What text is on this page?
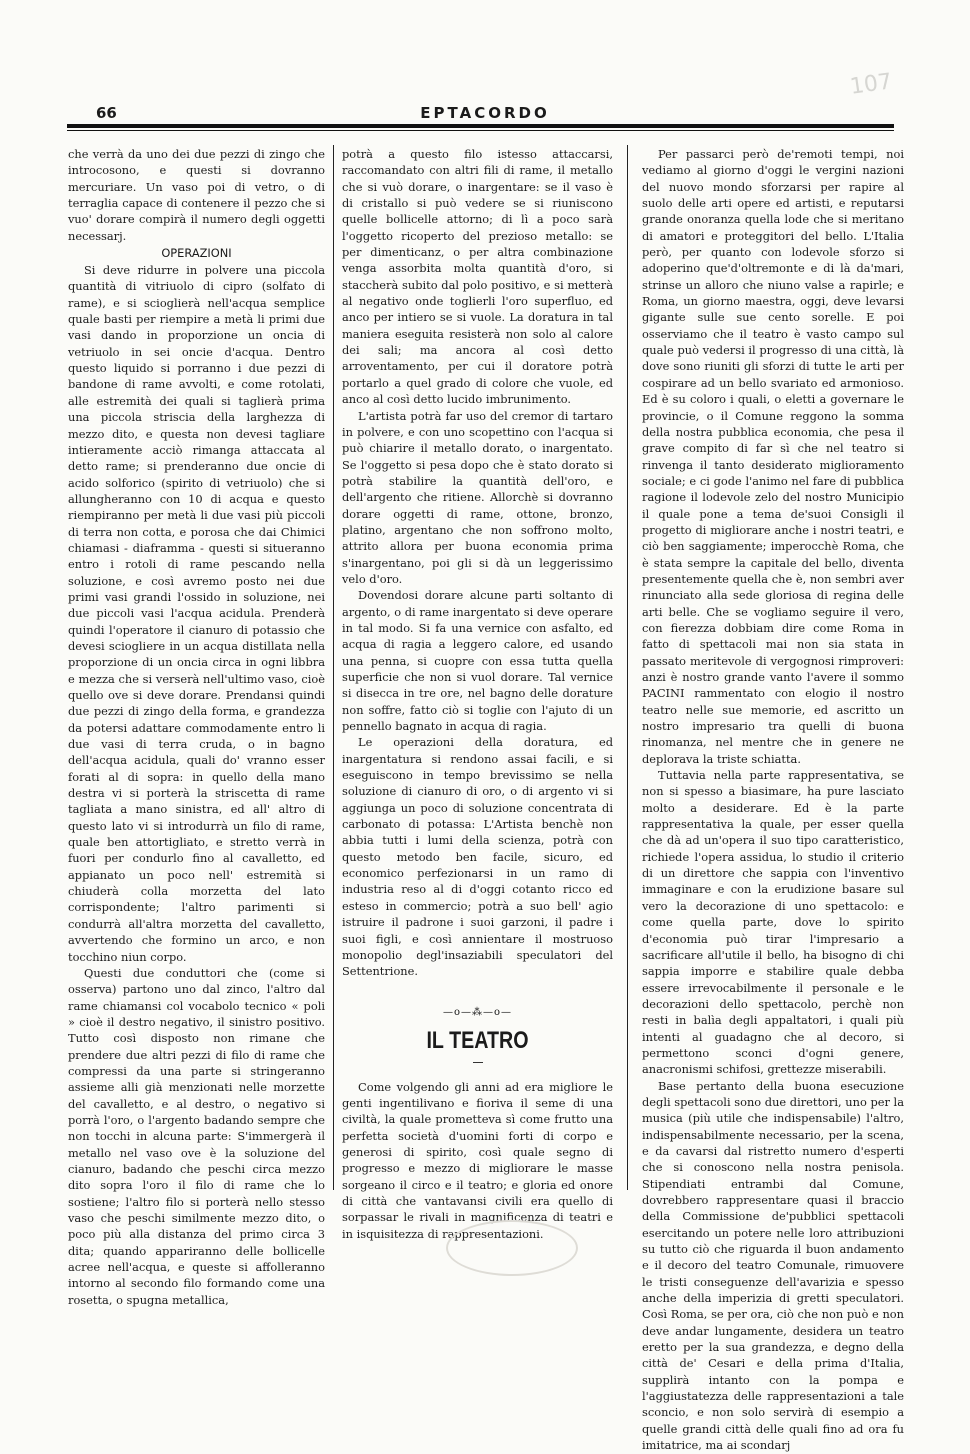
107
66	EPTACORDO

che verrà da uno dei due pezzi di zingo che introcosono, e questi si dovranno mercuriare. Un vaso poi di vetro, o di terraglia capace di contenere il pezzo che si vuo' dorare compirà il numero degli oggetti necessarj.

OPERAZIONI

Si deve ridurre in polvere una piccola quantità di vitriuolo di cipro (solfato di rame), e si scioglierà nell'acqua semplice quale basti per riempire a metà li primi due vasi dando in proporzione un oncia di vetriuolo in sei oncie d'acqua. Dentro questo liquido si porranno i due pezzi di bandone di rame avvolti, e come rotolati, alle estremità dei quali si taglierà prima una piccola striscia della larghezza di mezzo dito, e questa non devesi tagliare intieramente acciò rimanga attaccata al detto rame; si prenderanno due oncie di acido solforico (spirito di vetriuolo) che si allungheranno con 10 di acqua e questo riempiranno per metà li due vasi più piccoli di terra non cotta, e porosa che dai Chimici chiamasi - diaframma - questi si situeranno entro i rotoli di rame pescando nella soluzione, e così avremo posto nei due primi vasi grandi l'ossido in soluzione, nei due piccoli vasi l'acqua acidula. Prenderà quindi l'operatore il cianuro di potassio che devesi sciogliere in un acqua distillata nella proporzione di un oncia circa in ogni libbra e mezza che si verserà nell'ultimo vaso, cioè quello ove si deve dorare. Prendansi quindi due pezzi di zingo della forma, e grandezza da potersi adattare commodamente entro li due vasi di terra cruda, o in bagno dell'acqua acidula, quali do' vranno esser forati al di sopra: in quello della mano destra vi si porterà la striscetta di rame tagliata a mano sinistra, ed all' altro di questo lato vi si introdurrà un filo di rame, quale ben attortigliato, e stretto verrà in fuori per condurlo fino al cavalletto, ed appianato un poco nell' estremità si chiuderà colla morzetta del lato corrispondente; l'altro parimenti si condurrà all'altra morzetta del cavalletto, avvertendo che formino un arco, e non tocchino niun corpo.

Questi due conduttori che (come si osserva) partono uno dal zinco, l'altro dal rame chiamansi col vocabolo tecnico « poli » cioè il destro negativo, il sinistro positivo. Tutto così disposto non rimane che prendere due altri pezzi di filo di rame che compressi da una parte si stringeranno assieme alli già menzionati nelle morzette del cavalletto, e al destro, o negativo si porrà l'oro, o l'argento badando sempre che non tocchi in alcuna parte: S'immergerà il metallo nel vaso ove è la soluzione del cianuro, badando che peschi circa mezzo dito sopra l'oro il filo di rame che lo sostiene; l'altro filo si porterà nello stesso vaso che peschi similmente mezzo dito, o poco più alla distanza del primo circa 3 dita; quando appariranno delle bollicelle acree nell'acqua, e queste si affolleranno intorno al secondo filo formando come una rosetta, o spugna metallica,

potrà a questo filo istesso attaccarsi, raccomandato con altri fili di rame, il metallo che si vuò dorare, o inargentare: se il vaso è di cristallo si può vedere se si riuniscono quelle bollicelle attorno; di lì a poco sarà l'oggetto ricoperto del prezioso metallo: se per dimenticanz, o per altra combinazione venga assorbita molta quantità d'oro, si staccherà subito dal polo positivo, e si metterà al negativo onde toglierli l'oro superfluo, ed anco per intiero se si vuole. La doratura in tal maniera eseguita resisterà non solo al calore dei sali; ma ancora al così detto arroventamento, per cui il doratore potrà portarlo a quel grado di colore che vuole, ed anco al così detto lucido imbrunimento.

L'artista potrà far uso del cremor di tartaro in polvere, e con uno scopettino con l'acqua si può chiarire il metallo dorato, o inargentato. Se l'oggetto si pesa dopo che è stato dorato si potrà stabilire la quantità dell'oro, e dell'argento che ritiene. Allorchè si dovranno dorare oggetti di rame, ottone, bronzo, platino, argentano che non soffrono molto, attrito allora per buona economia prima s'inargentano, poi gli si dà un leggerissimo velo d'oro.

Dovendosi dorare alcune parti soltanto di argento, o di rame inargentato si deve operare in tal modo. Si fa una vernice con asfalto, ed acqua di ragia a leggero calore, ed usando una penna, si cuopre con essa tutta quella superficie che non si vuol dorare. Tal vernice si disecca in tre ore, nel bagno delle dorature non soffre, fatto ciò si toglie con l'ajuto di un pennello bagnato in acqua di ragia.

Le operazioni della doratura, ed inargentatura si rendono assai facili, e si eseguiscono in tempo brevissimo se nella soluzione di cianuro di oro, o di argento vi si aggiunga un poco di soluzione concentrata di carbonato di potassa: L'Artista benchè non abbia tutti i lumi della scienza, potrà con questo metodo ben facile, sicuro, ed economico perfezionarsi in un ramo di industria reso al di d'oggi cotanto ricco ed esteso in commercio; potrà a suo bell' agio istruire il padrone i suoi garzoni, il padre i suoi figli, e così annientare il mostruoso monopolio degl'insaziabili speculatori del Settentrione.

—o—⁂—o—
IL TEATRO

Come volgendo gli anni ad era migliore le genti ingentilivano e fioriva il seme di una civiltà, la quale prometteva sì come frutto una perfetta società d'uomini forti di corpo e generosi di spirito, così quale segno di progresso e mezzo di migliorare le masse sorgeano il circo e il teatro; e gloria ed onore di città che vantavansi civili era quello di sorpassar le rivali in magnificenza di teatri e in isquisitezza di rappresentazioni.

Per passarci però de'remoti tempi, noi vediamo al giorno d'oggi le vergini nazioni del nuovo mondo sforzarsi per rapire al suolo delle arti opere ed artisti, e reputarsi grande onoranza quella lode che si meritano di amatori e proteggitori del bello. L'Italia però, per quanto con lodevole sforzo si adoperino que'd'oltremonte e di là da'mari, strinse un alloro che niuno valse a rapirle; e Roma, un giorno maestra, oggi, deve levarsi gigante sulle sue cento sorelle. E poi osserviamo che il teatro è vasto campo sul quale può vedersi il progresso di una città, là dove sono riuniti gli sforzi di tutte le arti per cospirare ad un bello svariato ed armonioso. Ed è su coloro i quali, o eletti a governare le provincie, o il Comune reggono la somma della nostra pubblica economia, che pesa il grave compito di far sì che nel teatro si rinvenga il tanto desiderato miglioramento sociale; e ci gode l'animo nel fare di pubblica ragione il lodevole zelo del nostro Municipio il quale pone a tema de'suoi Consigli il progetto di migliorare anche i nostri teatri, e ciò ben saggiamente; imperocchè Roma, che è stata sempre la capitale del bello, diventa presentemente quella che è, non sembri aver rinunciato alla sede gloriosa di regina delle arti belle. Che se vogliamo seguire il vero, con fierezza dobbiam dire come Roma in fatto di spettacoli mai non sia stata in passato meritevole di vergognosi rimproveri: anzi è nostro grande vanto l'avere il sommo PACINI rammentato con elogio il nostro teatro nelle sue memorie, ed ascritto un nostro impresario tra quelli di buona rinomanza, nel mentre che in genere ne deplorava la triste schiatta.

Tuttavia nella parte rappresentativa, se non si spesso a biasimare, ha pure lasciato molto a desiderare. Ed è la parte rappresentativa la quale, per esser quella che dà ad un'opera il suo tipo caratteristico, richiede l'opera assidua, lo studio il criterio di un direttore che sappia con l'inventivo immaginare e con la erudizione basare sul vero la decorazione di uno spettacolo: e come quella parte, dove lo spirito d'economia può tirar l'impresario a sacrificare all'utile il bello, ha bisogno di chi sappia imporre e stabilire quale debba essere irrevocabilmente il personale e le decorazioni dello spettacolo, perchè non resti in balìa degli appaltatori, i quali più intenti al guadagno che al decoro, si permettono sconci d'ogni genere, anacronismi schifosi, grettezze miserabili.

Base pertanto della buona esecuzione degli spettacoli sono due direttori, uno per la musica (più utile che indispensabile) l'altro, indispensabilmente necessario, per la scena, e da cavarsi dal ristretto numero d'esperti che si conoscono nella nostra penisola. Stipendiati entrambi dal Comune, dovrebbero rappresentare quasi il braccio della Commissione de'pubblici spettacoli esercitando un potere nelle loro attribuzioni su tutto ciò che riguarda il buon andamento e il decoro del teatro Comunale, rimuovere le tristi conseguenze dell'avarizia e spesso anche della imperizia di gretti speculatori. Così Roma, se per ora, ciò che non può e non deve andar lungamente, desidera un teatro eretto per la sua grandezza, e degno della città de' Cesari e della prima d'Italia, supplirà intanto con la pompa e l'aggiustatezza delle rappresentazioni a tale sconcio, e non solo servirà di esempio a quelle grandi città delle quali fino ad ora fu imitatrice, ma ai scondarj
